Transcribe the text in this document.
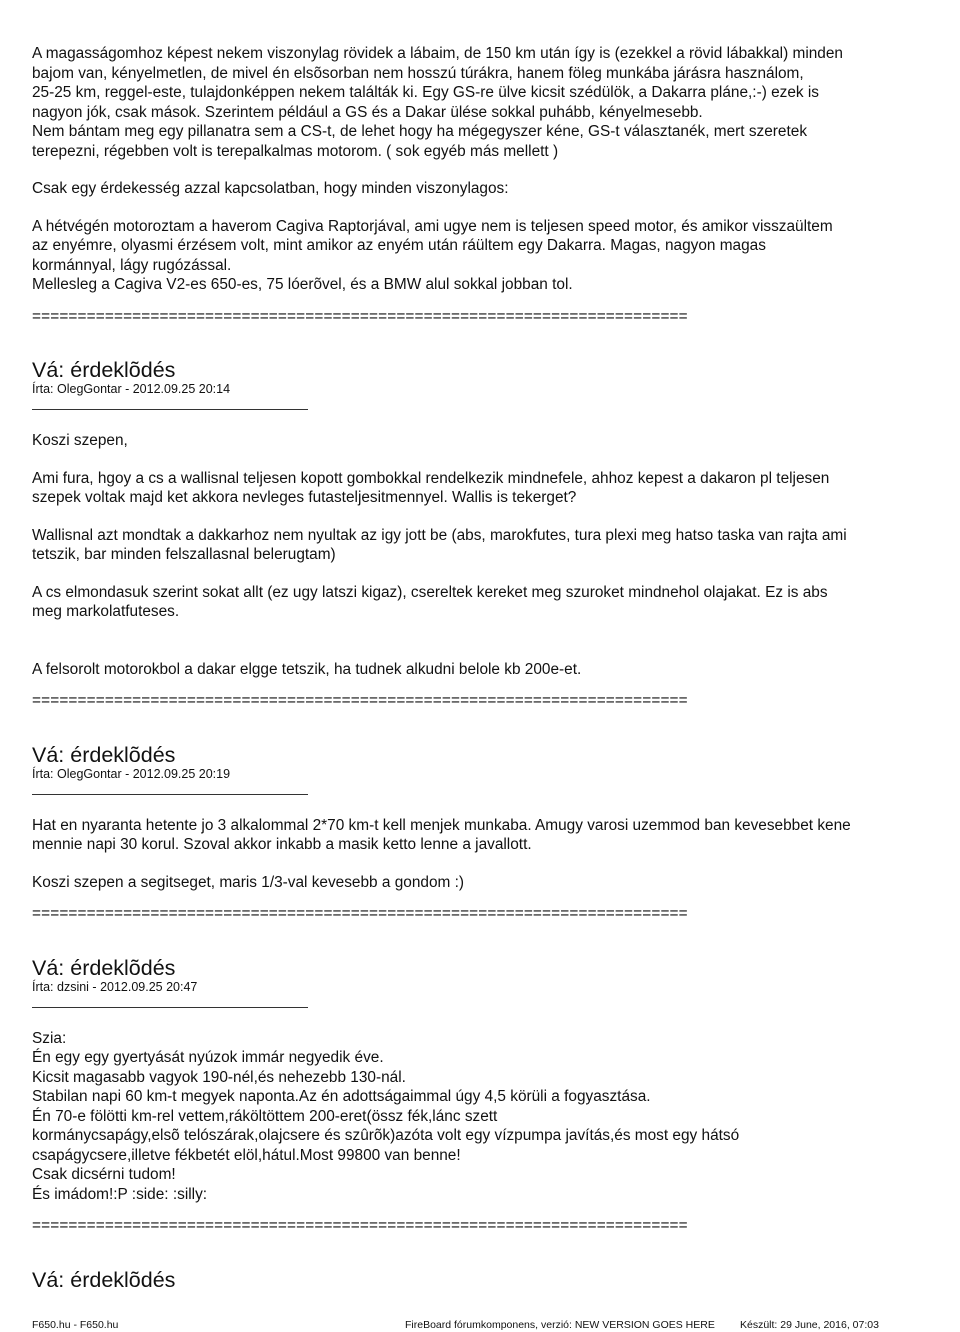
A magasságomhoz képest nekem viszonylag rövidek a lábaim, de 150 km után így is (ezekkel a rövid lábakkal) minden
bajom van, kényelmetlen, de mivel én elsõsorban nem hosszú túrákra, hanem föleg munkába járásra használom,
25-25 km, reggel-este, tulajdonképpen nekem találták ki. Egy GS-re ülve kicsit szédülök, a Dakarra pláne,:-) ezek is
nagyon jók, csak mások. Szerintem például a GS és a Dakar ülése sokkal puhább, kényelmesebb.
Nem bántam meg egy pillanatra sem a CS-t, de lehet hogy ha mégegyszer kéne, GS-t választanék, mert szeretek
terepezni, régebben volt is terepalkalmas motorom. ( sok egyéb más mellett )
Csak egy érdekesség azzal kapcsolatban, hogy minden viszonylagos:
A hétvégén motoroztam a haverom Cagiva Raptorjával, ami ugye nem is teljesen speed motor, és amikor visszaültem
az enyémre, olyasmi érzésem volt, mint amikor az enyém után ráültem egy Dakarra. Magas, nagyon magas
kormánnyal, lágy rugózással.
Mellesleg a Cagiva V2-es 650-es, 75 lóerõvel, és a BMW alul sokkal jobban tol.
========================================================================
Vá: érdeklõdés
Írta: OlegGontar - 2012.09.25 20:14
Koszi szepen,
Ami fura, hgoy a cs a wallisnal teljesen kopott gombokkal rendelkezik mindnefele, ahhoz kepest a dakaron pl teljesen
szepek voltak majd ket akkora nevleges futasteljesitmennyel. Wallis is tekerget?
Wallisnal azt mondtak a dakkarhoz nem nyultak az igy jott be (abs, marokfutes, tura plexi meg hatso taska van rajta ami
tetszik, bar minden felszallasnal belerugtam)
A cs elmondasuk szerint sokat allt (ez ugy latszi kigaz), csereltek kereket meg szuroket mindnehol olajakat. Ez is abs
meg markolatfuteses.
A felsorolt motorokbol a dakar elgge tetszik, ha tudnek alkudni belole kb 200e-et.
========================================================================
Vá: érdeklõdés
Írta: OlegGontar - 2012.09.25 20:19
Hat en nyaranta hetente jo 3 alkalommal 2*70 km-t kell menjek munkaba. Amugy varosi uzemmod ban kevesebbet kene
mennie napi 30 korul. Szoval akkor inkabb a masik ketto lenne a javallott.
Koszi szepen a segitseget, maris 1/3-val kevesebb a gondom :)
========================================================================
Vá: érdeklõdés
Írta: dzsini - 2012.09.25 20:47
Szia:
Én egy egy gyertyását nyúzok immár negyedik éve.
Kicsit magasabb vagyok 190-nél,és nehezebb 130-nál.
Stabilan napi 60 km-t megyek naponta.Az én adottságaimmal úgy 4,5 körüli a fogyasztása.
Én 70-e fölötti km-rel vettem,ráköltöttem 200-eret(össz fék,lánc szett
kormánycsapágy,elsõ telószárak,olajcsere és szûrõk)azóta volt egy vízpumpa javítás,és most egy hátsó
csapágycsere,illetve fékbetét elöl,hátul.Most 99800 van benne!
Csak dicsérni tudom!
És imádom!:P :side: :silly:
========================================================================
Vá: érdeklõdés
F650.hu - F650.hu	FireBoard fórumkomponens, verzió: NEW VERSION GOES HERE Készült: 29 June, 2016, 07:03
